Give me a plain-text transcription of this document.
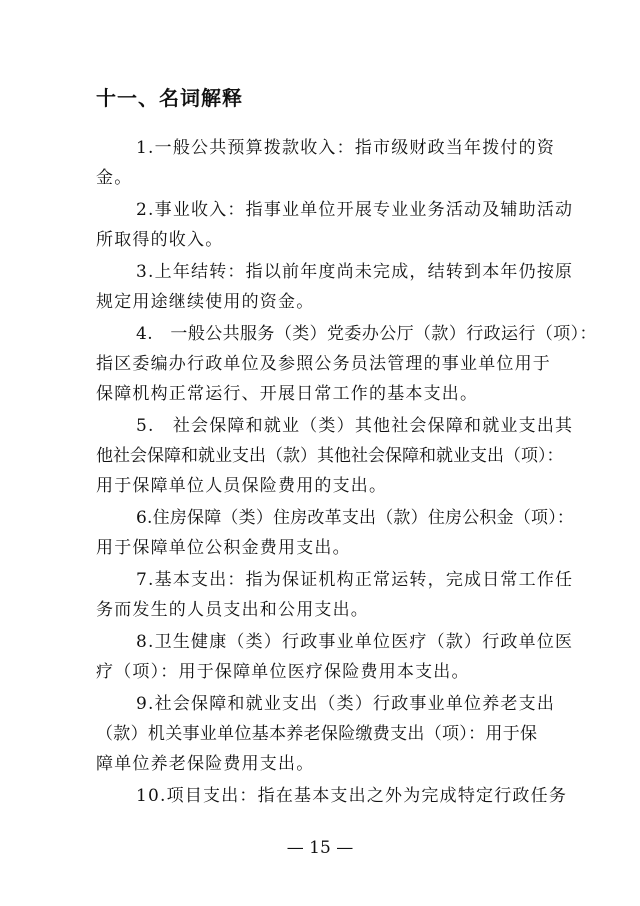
十一、名词解释
1.一般公共预算拨款收入：指市级财政当年拨付的资
金。
2.事业收入：指事业单位开展专业业务活动及辅助活动
所取得的收入。
3.上年结转：指以前年度尚未完成，结转到本年仍按原
规定用途继续使用的资金。
4.　一般公共服务（类）党委办公厅（款）行政运行（项）：
指区委编办行政单位及参照公务员法管理的事业单位用于
保障机构正常运行、开展日常工作的基本支出。
5.　社会保障和就业（类）其他社会保障和就业支出其
他社会保障和就业支出（款）其他社会保障和就业支出（项）：
用于保障单位人员保险费用的支出。
6.住房保障（类）住房改革支出（款）住房公积金（项）：
用于保障单位公积金费用支出。
7.基本支出：指为保证机构正常运转，完成日常工作任
务而发生的人员支出和公用支出。
8.卫生健康（类）行政事业单位医疗（款）行政单位医
疗（项）：用于保障单位医疗保险费用本支出。
9.社会保障和就业支出（类）行政事业单位养老支出
（款）机关事业单位基本养老保险缴费支出（项）：用于保
障单位养老保险费用支出。
10.项目支出：指在基本支出之外为完成特定行政任务
— 15 —
